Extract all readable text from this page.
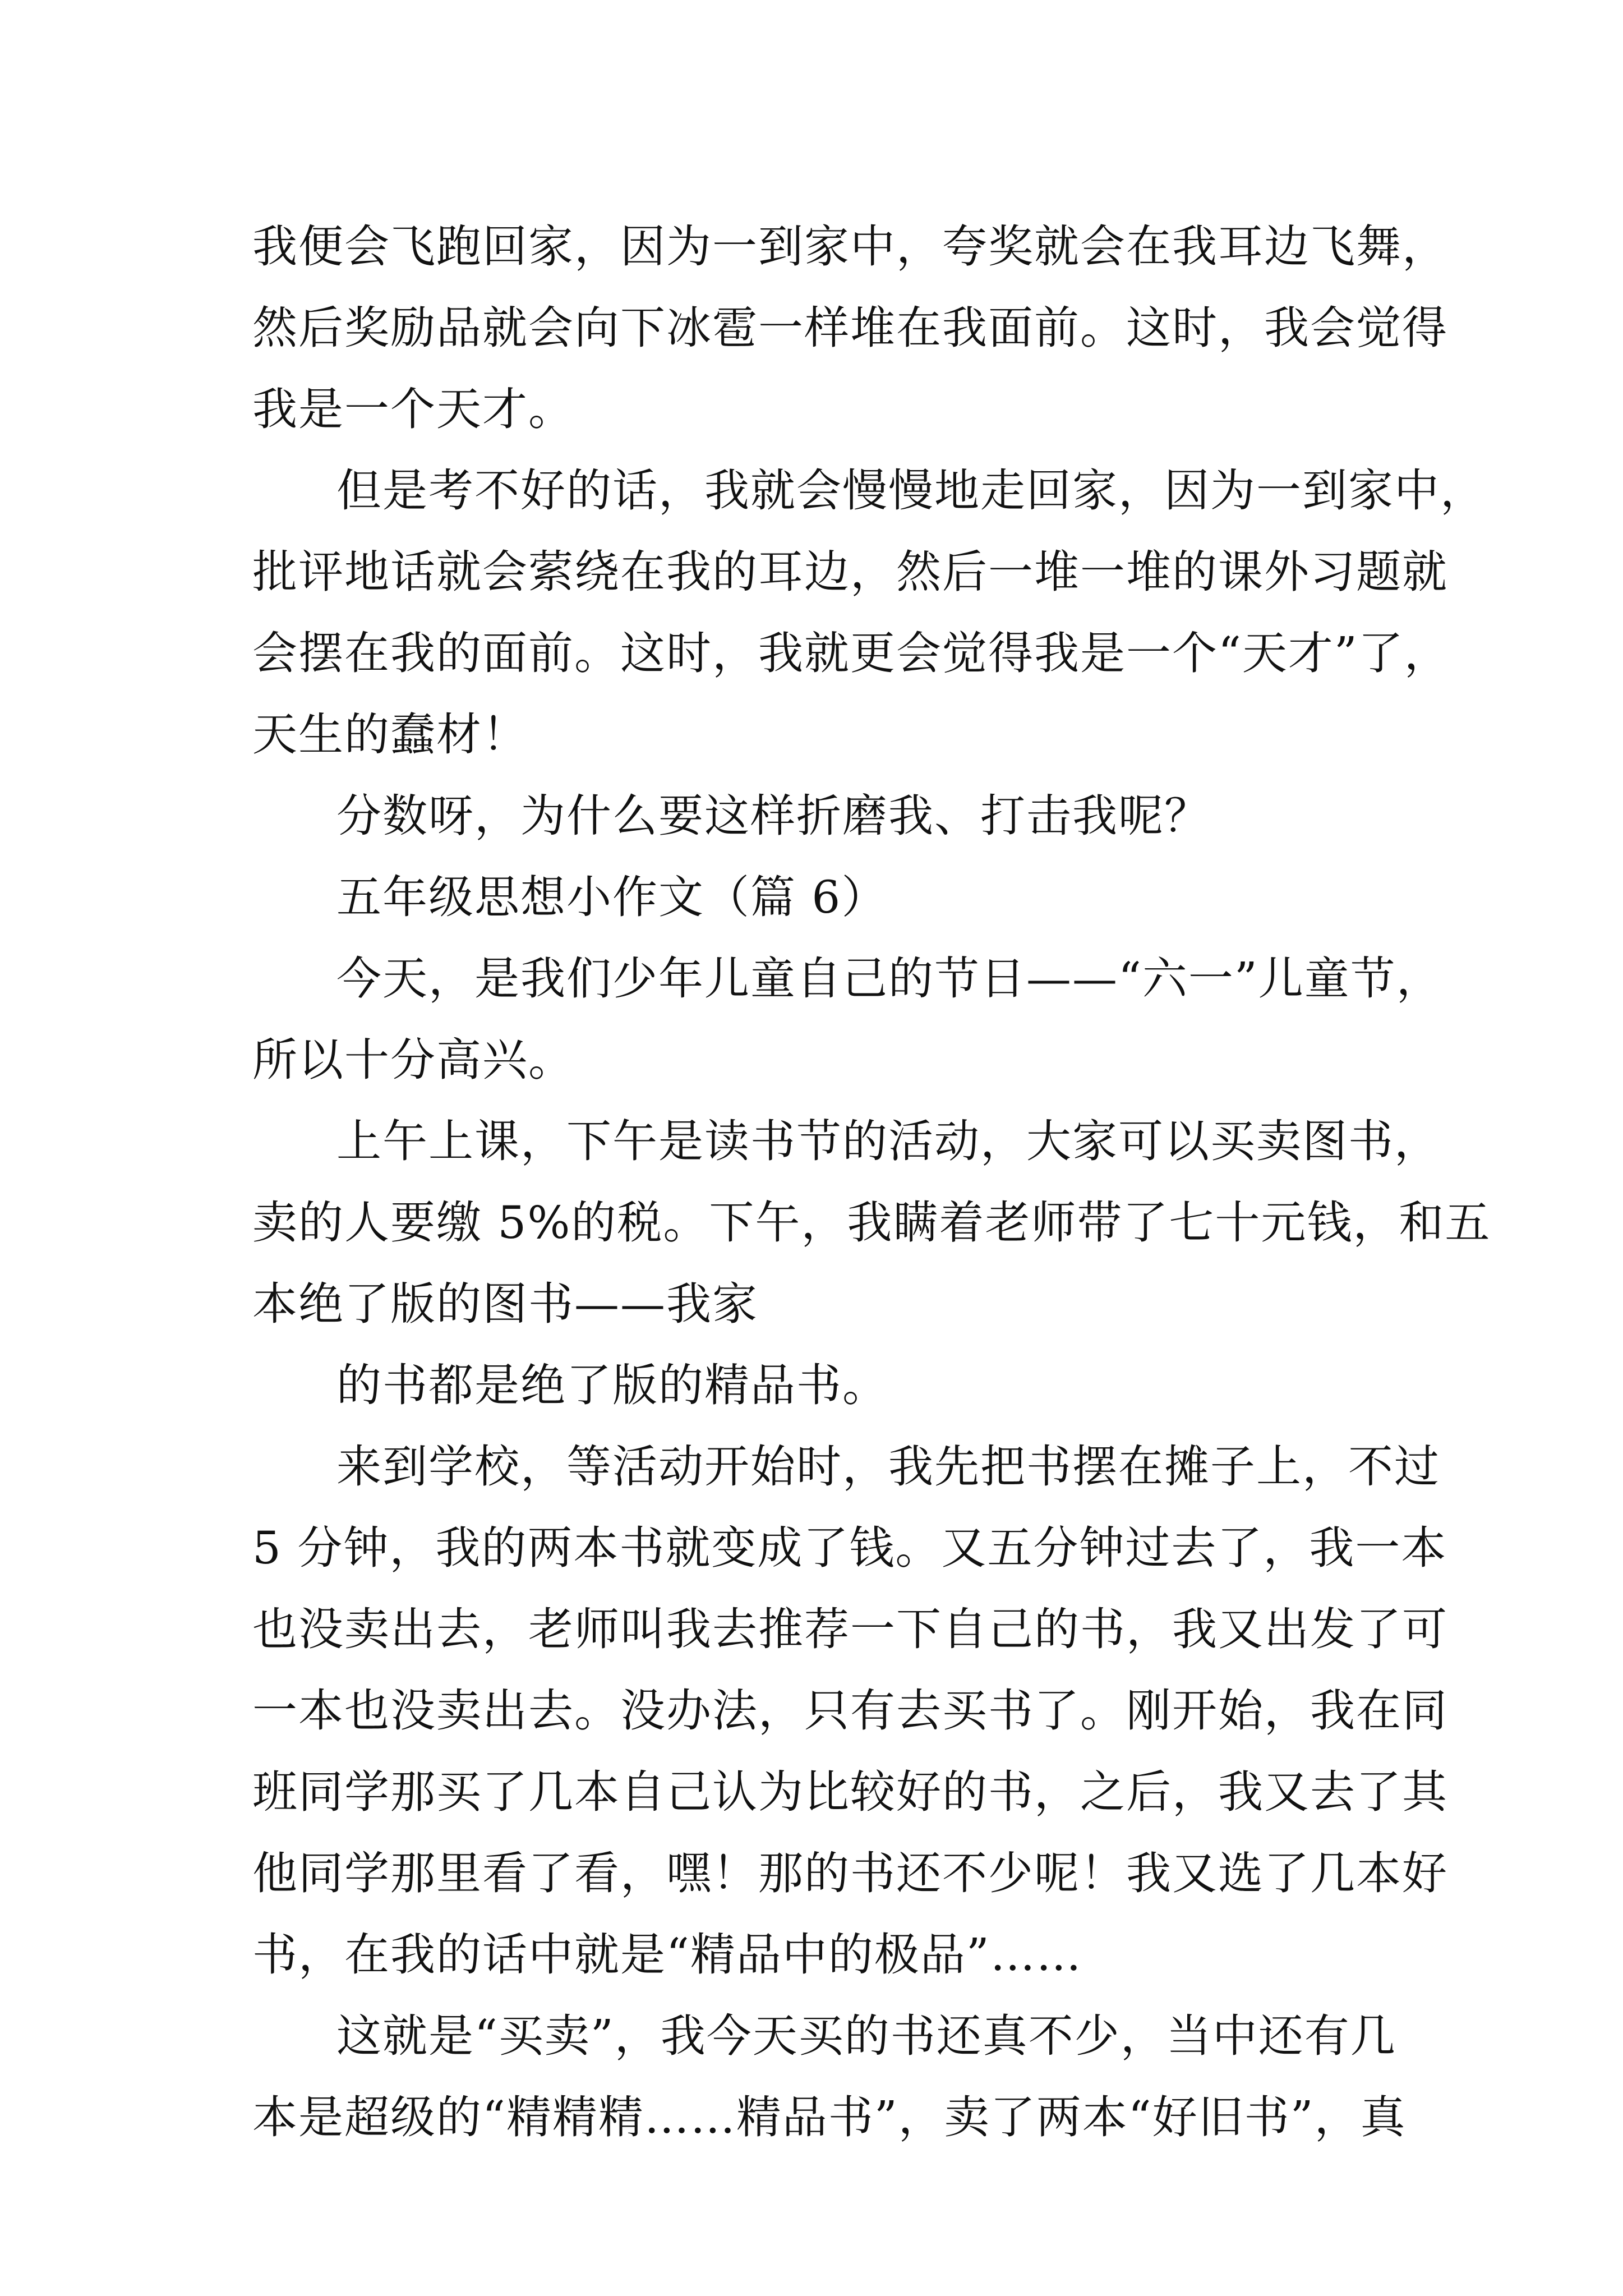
我便会飞跑回家，因为一到家中，夸奖就会在我耳边飞舞，

然后奖励品就会向下冰雹一样堆在我面前。这时，我会觉得

我是一个天才。

但是考不好的话，我就会慢慢地走回家，因为一到家中，

批评地话就会萦绕在我的耳边，然后一堆一堆的课外习题就

会摆在我的面前。这时，我就更会觉得我是一个“天才”了，

天生的蠢材！

分数呀，为什么要这样折磨我、打击我呢？

五年级思想小作文（篇 6）

今天，是我们少年儿童自己的节日——“六一”儿童节，

所以十分高兴。

上午上课，下午是读书节的活动，大家可以买卖图书，

卖的人要缴 5%的税。下午，我瞒着老师带了七十元钱，和五

本绝了版的图书——我家

的书都是绝了版的精品书。

来到学校，等活动开始时，我先把书摆在摊子上，不过

5 分钟，我的两本书就变成了钱。又五分钟过去了，我一本

也没卖出去，老师叫我去推荐一下自己的书，我又出发了可

一本也没卖出去。没办法，只有去买书了。刚开始，我在同

班同学那买了几本自己认为比较好的书，之后，我又去了其

他同学那里看了看，嘿！那的书还不少呢！我又选了几本好

书，在我的话中就是“精品中的极品”……

这就是“买卖”，我今天买的书还真不少，当中还有几

本是超级的“精精精……精品书”，卖了两本“好旧书”，真
